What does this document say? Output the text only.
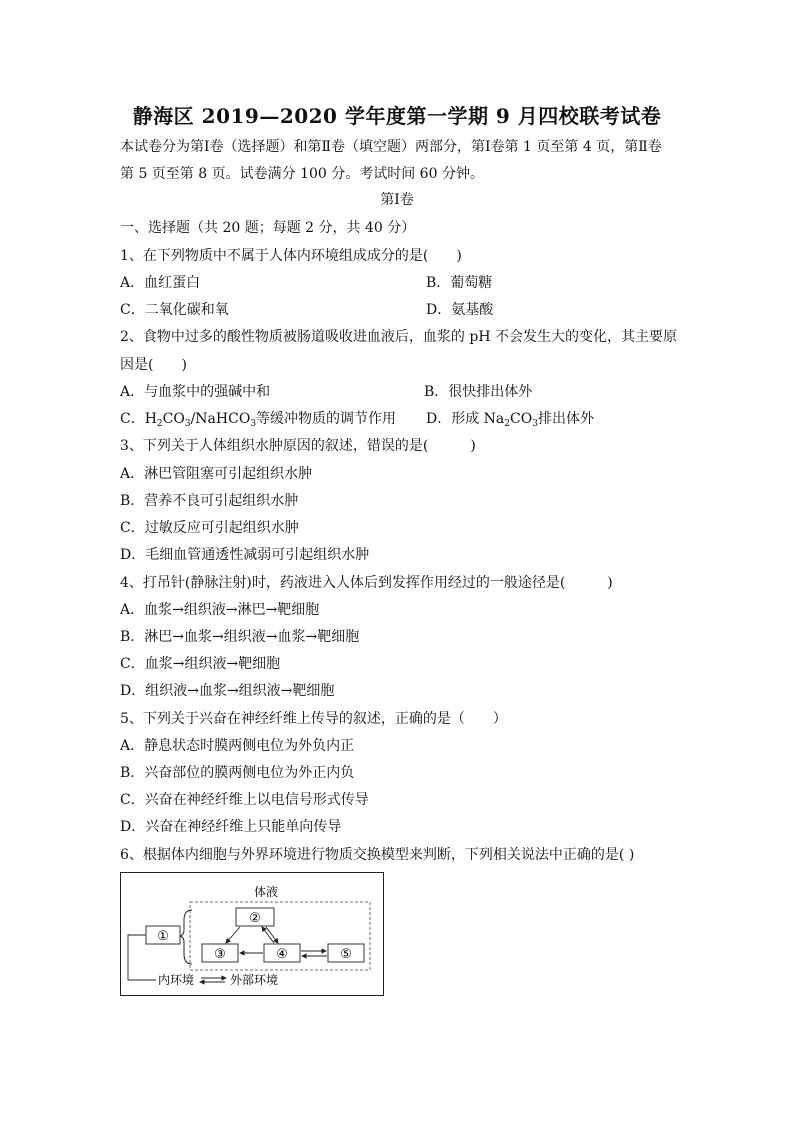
静海区 2019—2020 学年度第一学期 9 月四校联考试卷
本试卷分为第Ⅰ卷（选择题）和第Ⅱ卷（填空题）两部分，第Ⅰ卷第 1 页至第 4 页，第Ⅱ卷
第 5 页至第 8 页。试卷满分 100 分。考试时间 60 分钟。
第Ⅰ卷
一、选择题（共 20 题；每题 2 分，共 40 分）
1、在下列物质中不属于人体内环境组成成分的是(　　)
A．血红蛋白	B．葡萄糖
C．二氧化碳和氧	D．氨基酸
2、食物中过多的酸性物质被肠道吸收进血液后，血浆的 pH 不会发生大的变化，其主要原
因是(　　)
A．与血浆中的强碱中和	B．很快排出体外
C．$H_2CO_3/NaHCO_3$等缓冲物质的调节作用 D．形成 $Na_2CO_3$排出体外
3、下列关于人体组织水肿原因的叙述，错误的是(　　　)
A．淋巴管阻塞可引起组织水肿
B．营养不良可引起组织水肿
C．过敏反应可引起组织水肿
D．毛细血管通透性减弱可引起组织水肿
4、打吊针(静脉注射)时，药液进入人体后到发挥作用经过的一般途径是(　　　)
A．血浆→组织液→淋巴→靶细胞
B．淋巴→血浆→组织液→血浆→靶细胞
C．血浆→组织液→靶细胞
D．组织液→血浆→组织液→靶细胞
5、下列关于兴奋在神经纤维上传导的叙述，正确的是（　　）
A．静息状态时膜两侧电位为外负内正
B．兴奋部位的膜两侧电位为外正内负
C．兴奋在神经纤维上以电信号形式传导
D．兴奋在神经纤维上只能单向传导
6、根据体内细胞与外界环境进行物质交换模型来判断，下列相关说法中正确的是( )
体液
①
②
③	④	⑤
内环境	外部环境
